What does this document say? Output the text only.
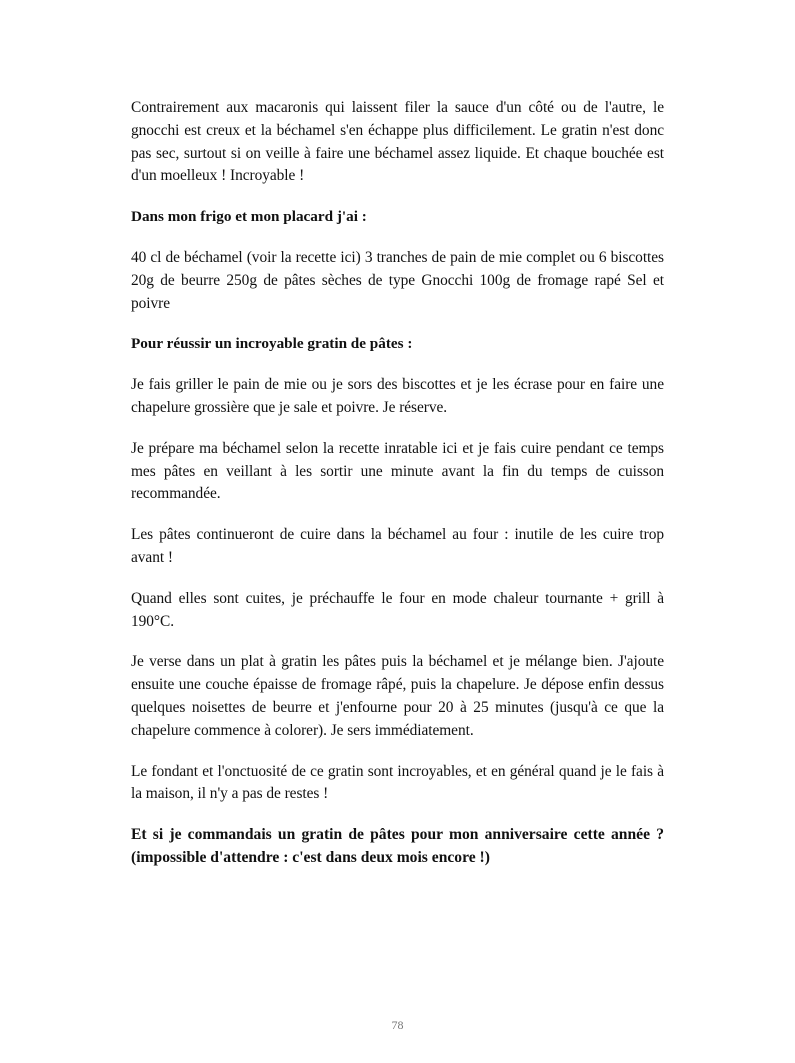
Contrairement aux macaronis qui laissent filer la sauce d'un côté ou de l'autre, le gnocchi est creux et la béchamel s'en échappe plus difficilement. Le gratin n'est donc pas sec, surtout si on veille à faire une béchamel assez liquide. Et chaque bouchée est d'un moelleux ! Incroyable !

Dans mon frigo et mon placard j'ai :

40 cl de béchamel (voir la recette ici) 3 tranches de pain de mie complet ou 6 biscottes 20g de beurre 250g de pâtes sèches de type Gnocchi 100g de fromage rapé Sel et poivre

Pour réussir un incroyable gratin de pâtes :

Je fais griller le pain de mie ou je sors des biscottes et je les écrase pour en faire une chapelure grossière que je sale et poivre. Je réserve.

Je prépare ma béchamel selon la recette inratable ici et je fais cuire pendant ce temps mes pâtes en veillant à les sortir une minute avant la fin du temps de cuisson recommandée.

Les pâtes continueront de cuire dans la béchamel au four : inutile de les cuire trop avant !

Quand elles sont cuites, je préchauffe le four en mode chaleur tournante + grill à 190°C.

Je verse dans un plat à gratin les pâtes puis la béchamel et je mélange bien. J'ajoute ensuite une couche épaisse de fromage râpé, puis la chapelure. Je dépose enfin dessus quelques noisettes de beurre et j'enfourne pour 20 à 25 minutes (jusqu'à ce que la chapelure commence à colorer). Je sers immédiatement.

Le fondant et l'onctuosité de ce gratin sont incroyables, et en général quand je le fais à la maison, il n'y a pas de restes !

Et si je commandais un gratin de pâtes pour mon anniversaire cette année ? (impossible d'attendre : c'est dans deux mois encore !)

78
